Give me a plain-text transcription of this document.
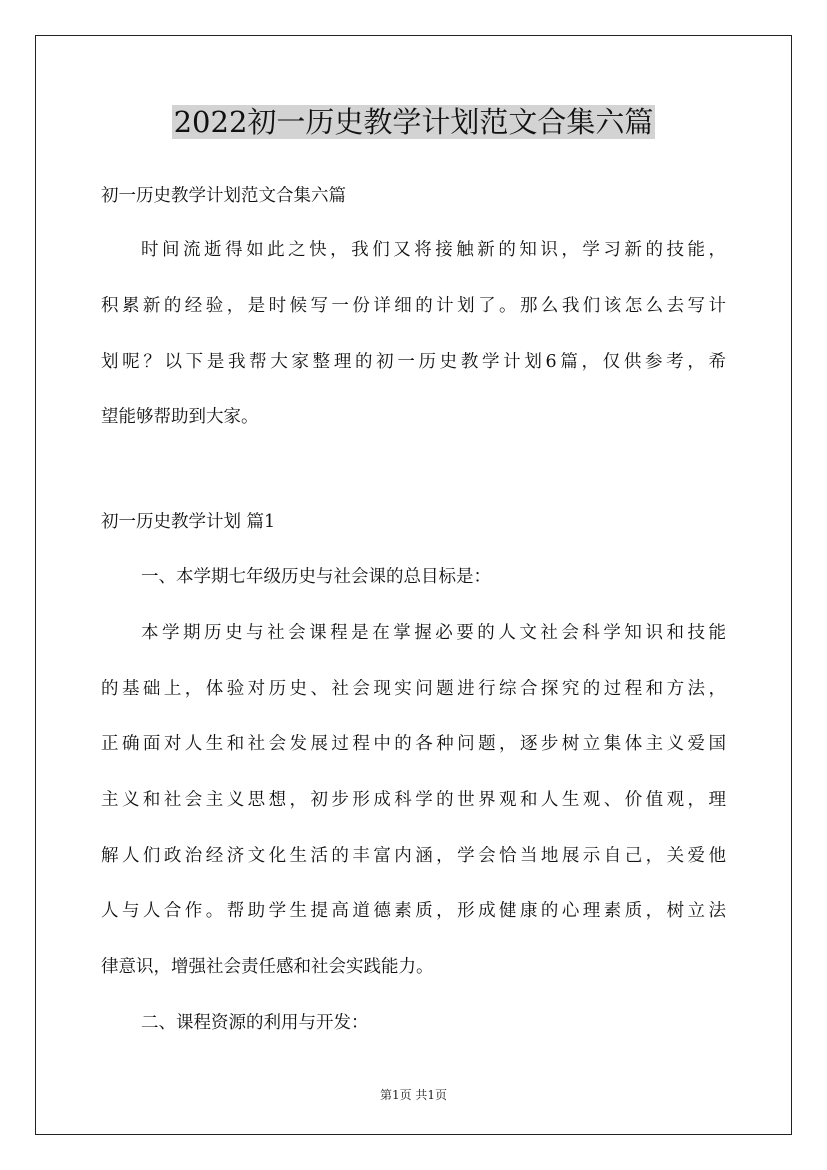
2022初一历史教学计划范文合集六篇
初一历史教学计划范文合集六篇
时间流逝得如此之快，我们又将接触新的知识，学习新的技能，
积累新的经验，是时候写一份详细的计划了。那么我们该怎么去写计
划呢？以下是我帮大家整理的初一历史教学计划6篇，仅供参考，希
望能够帮助到大家。
初一历史教学计划 篇1
一、本学期七年级历史与社会课的总目标是：
本学期历史与社会课程是在掌握必要的人文社会科学知识和技能
的基础上，体验对历史、社会现实问题进行综合探究的过程和方法，
正确面对人生和社会发展过程中的各种问题，逐步树立集体主义爱国
主义和社会主义思想，初步形成科学的世界观和人生观、价值观，理
解人们政治经济文化生活的丰富内涵，学会恰当地展示自己，关爱他
人与人合作。帮助学生提高道德素质，形成健康的心理素质，树立法
律意识，增强社会责任感和社会实践能力。
二、课程资源的利用与开发：
第1页 共1页
